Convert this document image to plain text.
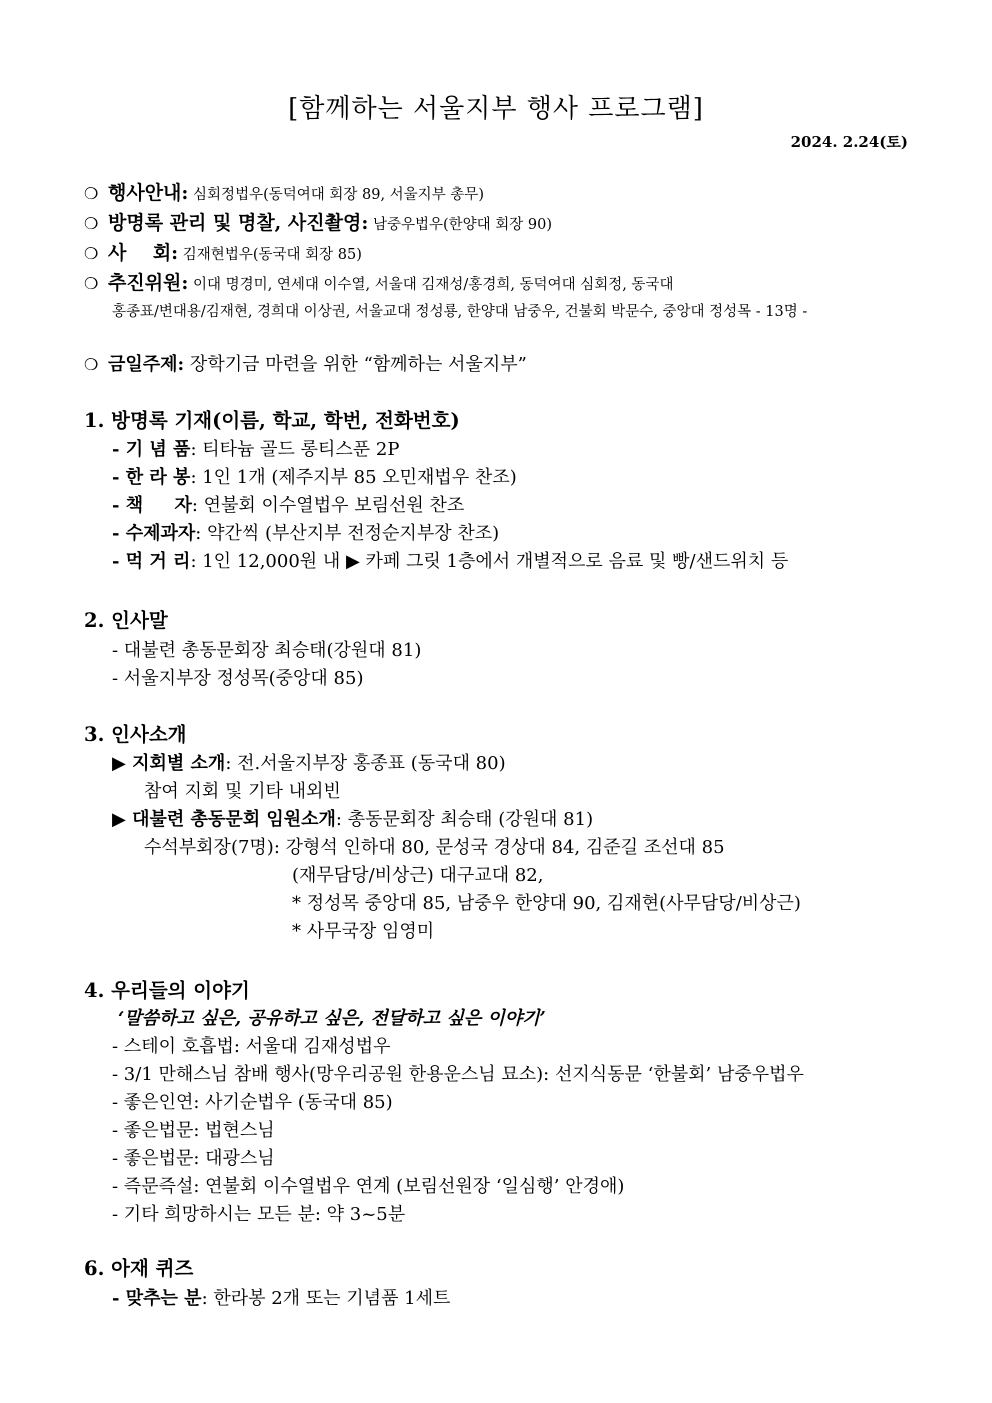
[함께하는 서울지부 행사 프로그램]
2024. 2.24(토)
❍ 행사안내: 심회정법우(동덕여대 회장 89, 서울지부 총무)
❍ 방명록 관리 및 명찰, 사진촬영: 남중우법우(한양대 회장 90)
❍ 사    회: 김재현법우(동국대 회장 85)
❍ 추진위원: 이대 명경미, 연세대 이수열, 서울대 김재성/홍경희, 동덕여대 심회정, 동국대
홍종표/변대용/김재현, 경희대 이상권, 서울교대 정성룡, 한양대 남중우, 건불회 박문수, 중앙대 정성목 - 13명 -
❍ 금일주제: 장학기금 마련을 위한 “함께하는 서울지부”
1. 방명록 기재(이름, 학교, 학번, 전화번호)
- 기 념 품: 티타늄 골드 롱티스푼 2P
- 한 라 봉: 1인 1개 (제주지부 85 오민재법우 찬조)
- 책     자: 연불회 이수열법우 보림선원 찬조
- 수제과자: 약간씩 (부산지부 전정순지부장 찬조)
- 먹 거 리: 1인 12,000원 내 ▶ 카페 그릿 1층에서 개별적으로 음료 및 빵/샌드위치 등
2. 인사말
- 대불련 총동문회장 최승태(강원대 81)
- 서울지부장 정성목(중앙대 85)
3. 인사소개
▶ 지회별 소개: 전.서울지부장 홍종표 (동국대 80)
참여 지회 및 기타 내외빈
▶ 대불련 총동문회 임원소개: 총동문회장 최승태 (강원대 81)
수석부회장(7명): 강형석 인하대 80, 문성국 경상대 84, 김준길 조선대 85
(재무담당/비상근) 대구교대 82,
* 정성목 중앙대 85, 남중우 한양대 90, 김재현(사무담당/비상근)
* 사무국장 임영미
4. 우리들의 이야기
‘말씀하고 싶은, 공유하고 싶은, 전달하고 싶은 이야기’
- 스테이 호흡법: 서울대 김재성법우
- 3/1 만해스님 참배 행사(망우리공원 한용운스님 묘소): 선지식동문 ‘한불회’ 남중우법우
- 좋은인연: 사기순법우 (동국대 85)
- 좋은법문: 법현스님
- 좋은법문: 대광스님
- 즉문즉설: 연불회 이수열법우 연계 (보림선원장 ‘일심행’ 안경애)
- 기타 희망하시는 모든 분: 약 3~5분
6. 아재 퀴즈
- 맞추는 분: 한라봉 2개 또는 기념품 1세트
